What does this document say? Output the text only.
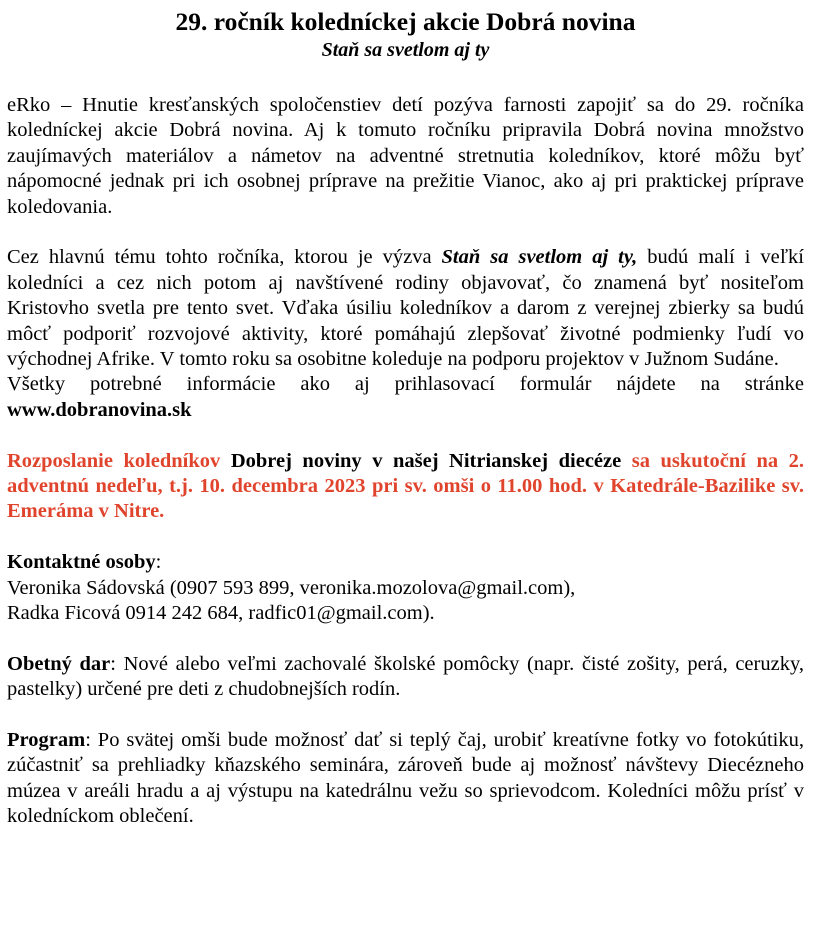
29. ročník koledníckej akcie Dobrá novina
Staň sa svetlom aj ty

eRko – Hnutie kresťanských spoločenstiev detí pozýva farnosti zapojiť sa do 29. ročníka koledníckej akcie Dobrá novina. Aj k tomuto ročníku pripravila Dobrá novina množstvo zaujímavých materiálov a námetov na adventné stretnutia koledníkov, ktoré môžu byť nápomocné jednak pri ich osobnej príprave na prežitie Vianoc, ako aj pri praktickej príprave koledovania.

Cez hlavnú tému tohto ročníka, ktorou je výzva Staň sa svetlom aj ty, budú malí i veľkí koledníci a cez nich potom aj navštívené rodiny objavovať, čo znamená byť nositeľom Kristovho svetla pre tento svet. Vďaka úsiliu koledníkov a darom z verejnej zbierky sa budú môcť podporiť rozvojové aktivity, ktoré pomáhajú zlepšovať životné podmienky ľudí vo východnej Afrike. V tomto roku sa osobitne koleduje na podporu projektov v Južnom Sudáne.

Všetky potrebné informácie ako aj prihlasovací formulár nájdete na stránke

www.dobranovina.sk

Rozposlanie koledníkov Dobrej noviny v našej Nitrianskej diecéze sa uskutoční na 2. adventnú nedeľu, t.j. 10. decembra 2023 pri sv. omši o 11.00 hod. v Katedrále-Bazilike sv. Emeráma v Nitre.

Kontaktné osoby:

Veronika Sádovská (0907 593 899, veronika.mozolova@gmail.com),

Radka Ficová 0914 242 684, radfic01@gmail.com).

Obetný dar: Nové alebo veľmi zachovalé školské pomôcky (napr. čisté zošity, perá, ceruzky, pastelky) určené pre deti z chudobnejších rodín.

Program: Po svätej omši bude možnosť dať si teplý čaj, urobiť kreatívne fotky vo fotokútiku, zúčastniť sa prehliadky kňazského seminára, zároveň bude aj možnosť návštevy Diecézneho múzea v areáli hradu a aj výstupu na katedrálnu vežu so sprievodcom. Koledníci môžu prísť v koledníckom oblečení.
